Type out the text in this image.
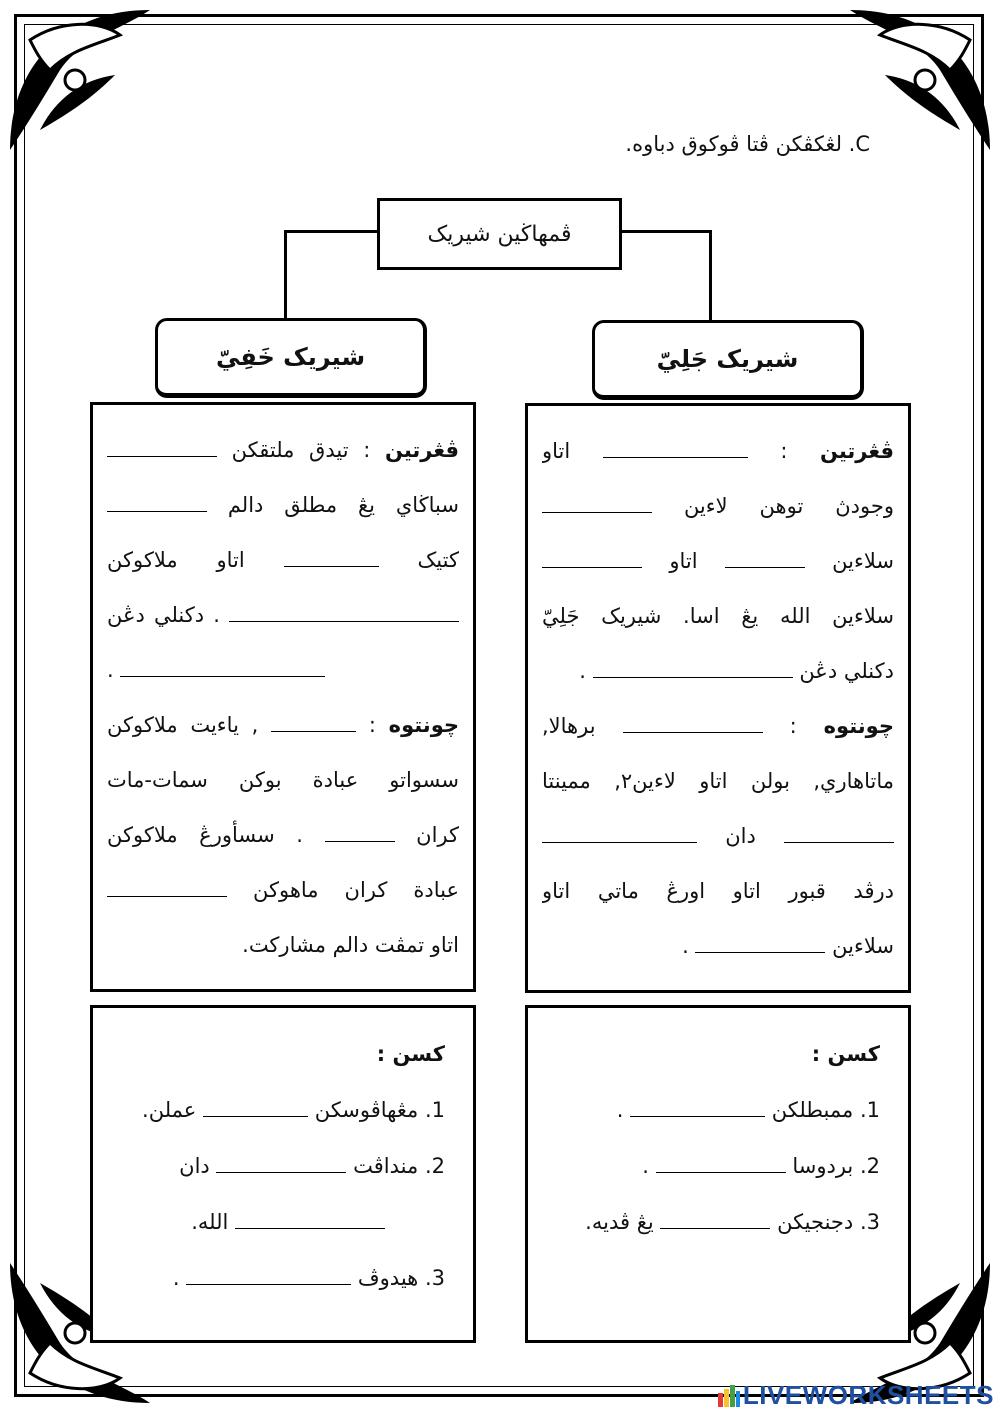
C. لڠكڤكن ڤتا ڤوكوق دباوه.
ڤمهاڬين شيريک
شيريک خَفِيّ	شيريک جَلِيّ
ڤڠرتين : تيدق ملتقکن
سباڬاي يڠ مطلق دالم
کتيک  اتاو ملاکوکن
. دکنلي دڠن
.
چونتوه :  , ياءيت ملاکوکن
سسواتو عبادة بوکن سمات-مات
کران  . سسأورڠ ملاکوکن
عبادة کران ماهوکن
اتاو تمڤت دالم مشارکت.
ڤڠرتين :  اتاو
وجودڽ توهن لاءين
سلاءين  اتاو
سلاءين الله يڠ اسا. شيريک جَلِيّ
دکنلي دڠن  .
چونتوه :  برهالا,
ماتاهاري, بولن اتاو لاءين٢, ممينتا
دان
درڤد قبور اتاو اورڠ ماتي اتاو
سلاءين  .
کسن :
1. مڠهاڤوسکن  عملن.
2. منداڤت  دان
الله.
3. هيدوڤ  .
کسن :
1. ممبطلکن  .
2. بردوسا  .
3. دجنجيکن  يڠ ڤديه.
LIVEWORKSHEETS
